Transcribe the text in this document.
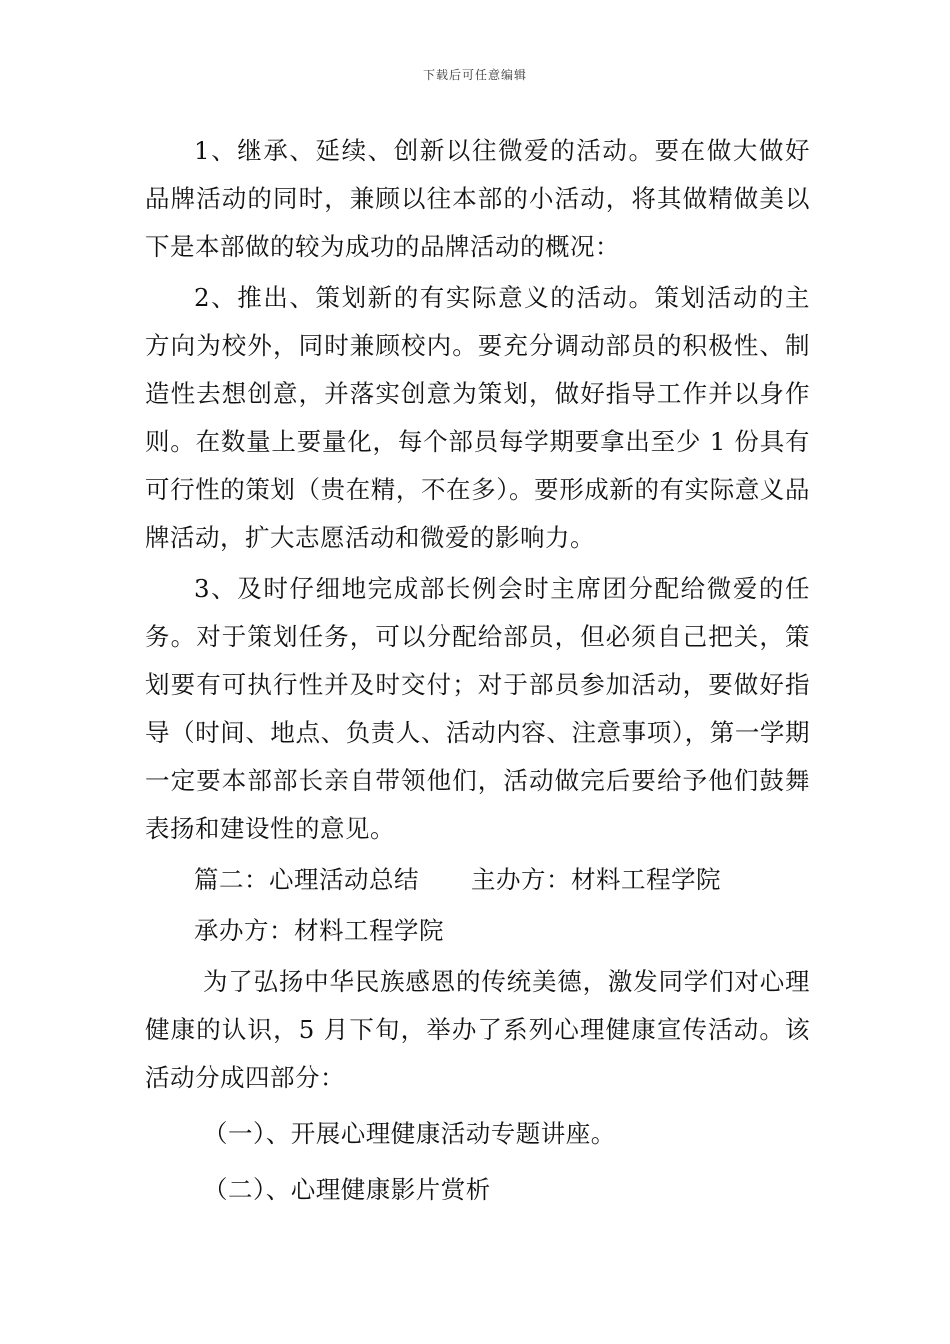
下载后可任意编辑

1、继承、延续、创新以往微爱的活动。要在做大做好品牌活动的同时，兼顾以往本部的小活动，将其做精做美以下是本部做的较为成功的品牌活动的概况：

2、推出、策划新的有实际意义的活动。策划活动的主方向为校外，同时兼顾校内。要充分调动部员的积极性、制造性去想创意，并落实创意为策划，做好指导工作并以身作则。在数量上要量化，每个部员每学期要拿出至少 1 份具有可行性的策划（贵在精，不在多）。要形成新的有实际意义品牌活动，扩大志愿活动和微爱的影响力。

3、及时仔细地完成部长例会时主席团分配给微爱的任务。对于策划任务，可以分配给部员，但必须自己把关，策划要有可执行性并及时交付；对于部员参加活动，要做好指导（时间、地点、负责人、活动内容、注意事项），第一学期一定要本部部长亲自带领他们，活动做完后要给予他们鼓舞表扬和建设性的意见。

篇二：心理活动总结 主办方：材料工程学院

承办方：材料工程学院

为了弘扬中华民族感恩的传统美德，激发同学们对心理健康的认识，5 月下旬，举办了系列心理健康宣传活动。该活动分成四部分：

（一）、开展心理健康活动专题讲座。

（二）、心理健康影片赏析
